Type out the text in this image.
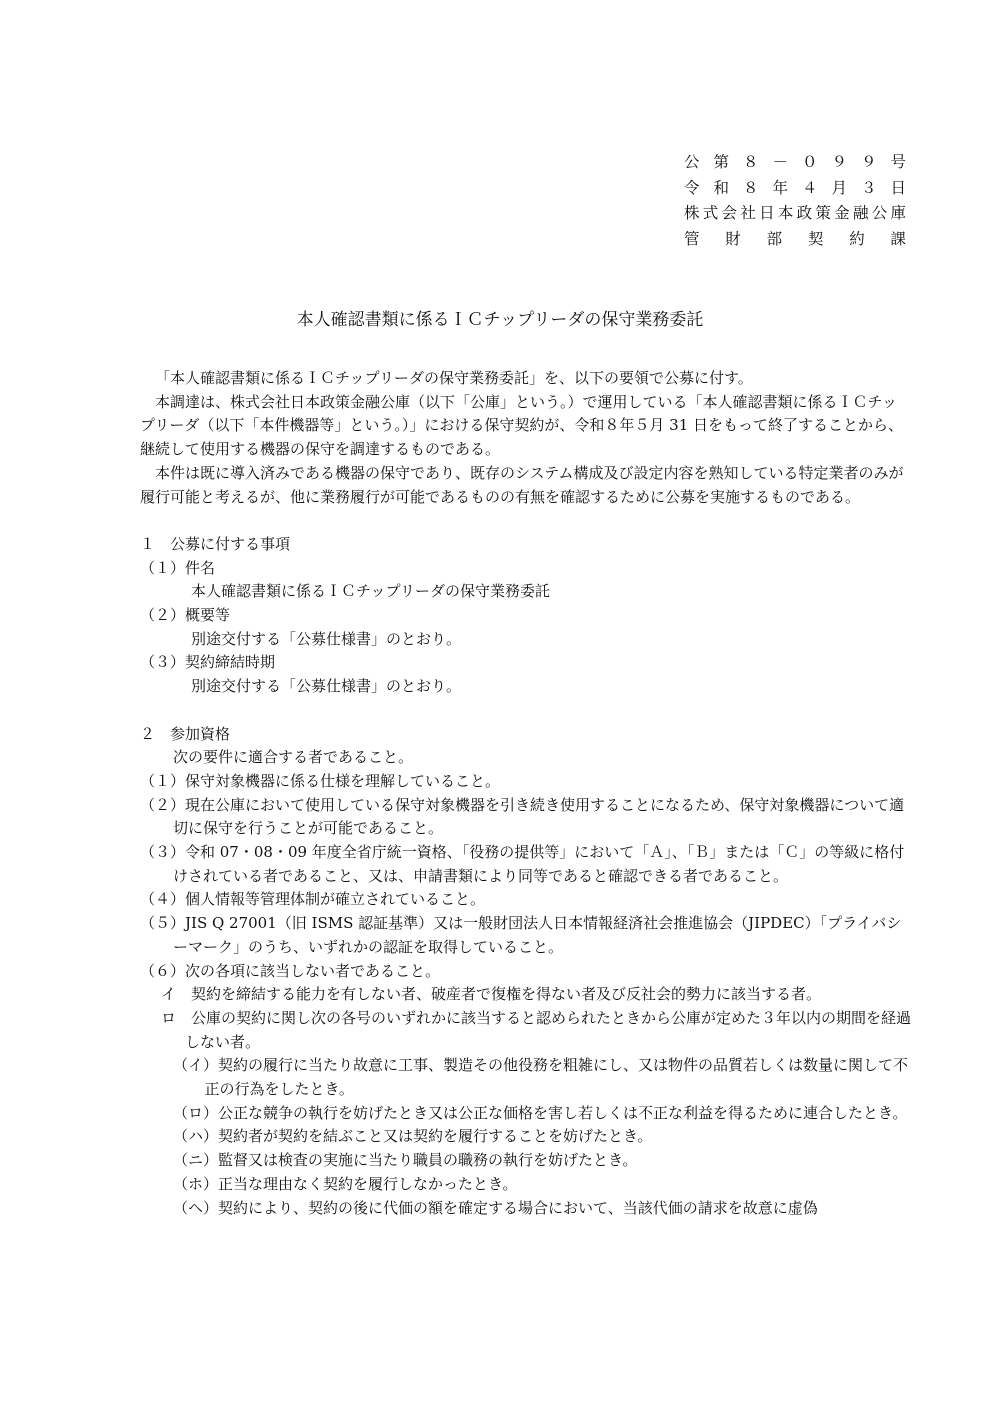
公第８－０９９号
令和８年４月３日
株式会社日本政策金融公庫
管財部契約課
本人確認書類に係るＩＣチップリーダの保守業務委託

「本人確認書類に係るＩＣチップリーダの保守業務委託」を、以下の要領で公募に付す。

本調達は、株式会社日本政策金融公庫（以下「公庫」という。）で運用している「本人確認書類に係るＩＣチップリーダ（以下「本件機器等」という。）」における保守契約が、令和８年５月 31 日をもって終了することから、継続して使用する機器の保守を調達するものである。

本件は既に導入済みである機器の保守であり、既存のシステム構成及び設定内容を熟知している特定業者のみが履行可能と考えるが、他に業務履行が可能であるものの有無を確認するために公募を実施するものである。

１　公募に付する事項

（１）件名

本人確認書類に係るＩＣチップリーダの保守業務委託

（２）概要等

別途交付する「公募仕様書」のとおり。

（３）契約締結時期

別途交付する「公募仕様書」のとおり。

２　参加資格

次の要件に適合する者であること。

（１）保守対象機器に係る仕様を理解していること。

（２）現在公庫において使用している保守対象機器を引き続き使用することになるため、保守対象機器について適切に保守を行うことが可能であること。

（３）令和 07・08・09 年度全省庁統一資格、「役務の提供等」において「Ａ」、「Ｂ」または「Ｃ」の等級に格付けされている者であること、又は、申請書類により同等であると確認できる者であること。

（４）個人情報等管理体制が確立されていること。

（５）JIS Q 27001（旧 ISMS 認証基準）又は一般財団法人日本情報経済社会推進協会（JIPDEC）「プライバシーマーク」のうち、いずれかの認証を取得していること。

（６）次の各項に該当しない者であること。

イ　契約を締結する能力を有しない者、破産者で復権を得ない者及び反社会的勢力に該当する者。

ロ　公庫の契約に関し次の各号のいずれかに該当すると認められたときから公庫が定めた３年以内の期間を経過しない者。

（イ）契約の履行に当たり故意に工事、製造その他役務を粗雑にし、又は物件の品質若しくは数量に関して不正の行為をしたとき。

（ロ）公正な競争の執行を妨げたとき又は公正な価格を害し若しくは不正な利益を得るために連合したとき。

（ハ）契約者が契約を結ぶこと又は契約を履行することを妨げたとき。

（ニ）監督又は検査の実施に当たり職員の職務の執行を妨げたとき。

（ホ）正当な理由なく契約を履行しなかったとき。

（ヘ）契約により、契約の後に代価の額を確定する場合において、当該代価の請求を故意に虚偽
